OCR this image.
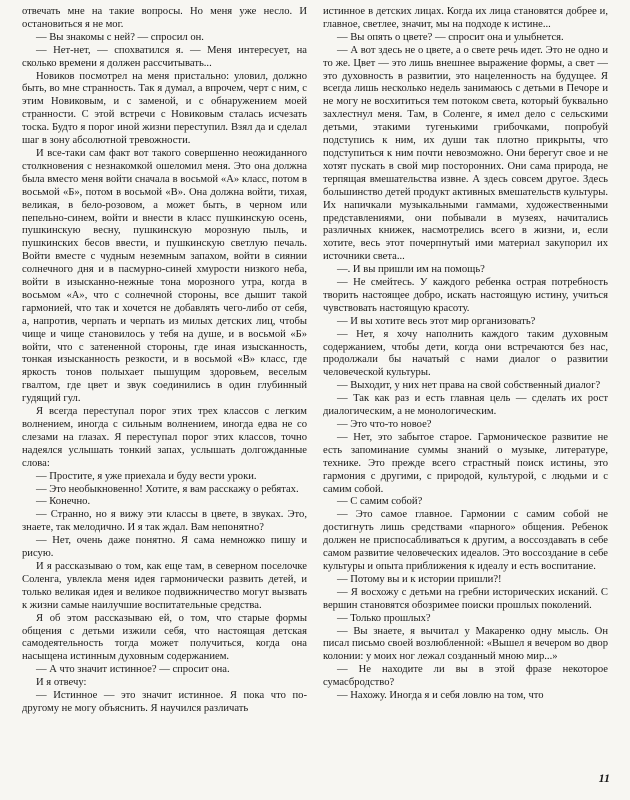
отвечать мне на такие вопросы. Но меня уже несло. И остановиться я не мог.

— Вы знакомы с ней? — спросил он.

— Нет-нет, — спохватился я. — Меня интересует, на сколько времени я должен рассчитывать...

Новиков посмотрел на меня пристально: уловил, должно быть, во мне странность. Так я думал, а впрочем, черт с ним, с этим Новиковым, и с заменой, и с обнаружением моей странности. С этой встречи с Новиковым сталась исчезать тоска. Будто я порог иной жизни переступил. Взял да и сделал шаг в зону абсолютной тревожности.

И все-таки сам факт вот такого совершенно неожиданного столкновения с незнакомкой ошеломил меня. Это она должна была вместо меня войти сначала в восьмой «А» класс, потом в восьмой «Б», потом в восьмой «В». Она должна войти, тихая, великая, в бело-розовом, а может быть, в черном или пепельно-синем, войти и внести в класс пушкинскую осень, пушкинскую весну, пушкинскую морозную пыль, и пушкинских бесов ввести, и пушкинскую светлую печаль. Войти вместе с чудным неземным запахом, войти в сиянии солнечного дня и в пасмурно-синей хмурости низкого неба, войти в изысканно-нежные тона морозного утра, когда в восьмом «А», что с солнечной стороны, все дышит такой гармонией, что так и хочется не добавлять чего-либо от себя, а, напротив, черпать и черпать из милых детских лиц, чтобы чище и чище становилось у тебя на душе, и в восьмой «Б» войти, что с затененной стороны, где иная изысканность, тонкая изысканность резкости, и в восьмой «В» класс, где яркость тонов полыхает пышущим здоровьем, веселым гвалтом, где цвет и звук соединились в один глубинный гудящий гул.

Я всегда переступал порог этих трех классов с легким волнением, иногда с сильным волнением, иногда едва не со слезами на глазах. Я переступал порог этих классов, точно надеялся услышать тонкий запах, услышать долгожданные слова:

— Простите, я уже приехала и буду вести уроки.

— Это необыкновенно! Хотите, я вам расскажу о ребятах.

— Конечно.

— Странно, но я вижу эти классы в цвете, в звуках. Это, знаете, так мелодично. И я так ждал. Вам непонятно?

— Нет, очень даже понятно. Я сама немножко пишу и рисую.

И я рассказываю о том, как еще там, в северном поселочке Соленга, увлекла меня идея гармонически развить детей, и только великая идея и великое подвижничество могут вызвать к жизни самые наилучшие воспитательные средства.

Я об этом рассказываю ей, о том, что старые формы общения с детьми изжили себя, что настоящая детская самодеятельность тогда может получиться, когда она насыщена истинным духовным содержанием.

— А что значит истинное? — спросит она.

И я отвечу:

— Истинное — это значит истинное. Я пока что по-другому не могу объяснить. Я научился различать

истинное в детских лицах. Когда их лица становятся добрее и, главное, светлее, значит, мы на подходе к истине...

— Вы опять о цвете? — спросит она и улыбнется.

— А вот здесь не о цвете, а о свете речь идет. Это не одно и то же. Цвет — это лишь внешнее выражение формы, а свет — это духовность в развитии, это нацеленность на будущее. Я всегда лишь несколько недель занимаюсь с детьми в Печоре и не могу не восхититься тем потоком света, который буквально захлестнул меня. Там, в Соленге, я имел дело с сельскими детьми, этакими тугенькими грибочками, попробуй подступись к ним, их души так плотно прикрыты, что подступиться к ним почти невозможно. Они берегут свое и не хотят пускать в свой мир посторонних. Они сама природа, не терпящая вмешательства извне. А здесь совсем другое. Здесь большинство детей продукт активных вмешательств культуры. Их напичкали музыкальными гаммами, художественными представлениями, они побывали в музеях, начитались различных книжек, насмотрелись всего в жизни, и, если хотите, весь этот почерпнутый ими материал закупорил их источники света...

—. И вы пришли им на помощь?

— Не смейтесь. У каждого ребенка острая потребность творить настоящее добро, искать настоящую истину, учиться чувствовать настоящую красоту.

— И вы хотите весь этот мир организовать?

— Нет, я хочу наполнить каждого таким духовным содержанием, чтобы дети, когда они встречаются без нас, продолжали бы начатый с нами диалог о развитии человеческой культуры.

— Выходит, у них нет права на свой собственный диалог?

— Так как раз и есть главная цель — сделать их рост диалогическим, а не монологическим.

— Это что-то новое?

— Нет, это забытое старое. Гармоническое развитие не есть запоминание суммы знаний о музыке, литературе, технике. Это прежде всего страстный поиск истины, это гармония с другими, с природой, культурой, с людьми и с самим собой.

— С самим собой?

— Это самое главное. Гармонии с самим собой не достигнуть лишь средствами «парного» общения. Ребенок должен не приспосабливаться к другим, а воссоздавать в себе самом развитие человеческих идеалов. Это воссоздание в себе культуры и опыта приближения к идеалу и есть воспитание.

— Потому вы и к истории пришли?!

— Я восхожу с детьми на гребни исторических исканий. С вершин становятся обозримее поиски прошлых поколений.

— Только прошлых?

— Вы знаете, я вычитал у Макаренко одну мысль. Он писал письмо своей возлюбленной: «Вышел я вечером во двор колонии: у моих ног лежал созданный мною мир...»

— Не находите ли вы в этой фразе некоторое сумасбродство?

— Нахожу. Иногда я и себя ловлю на том, что

11
